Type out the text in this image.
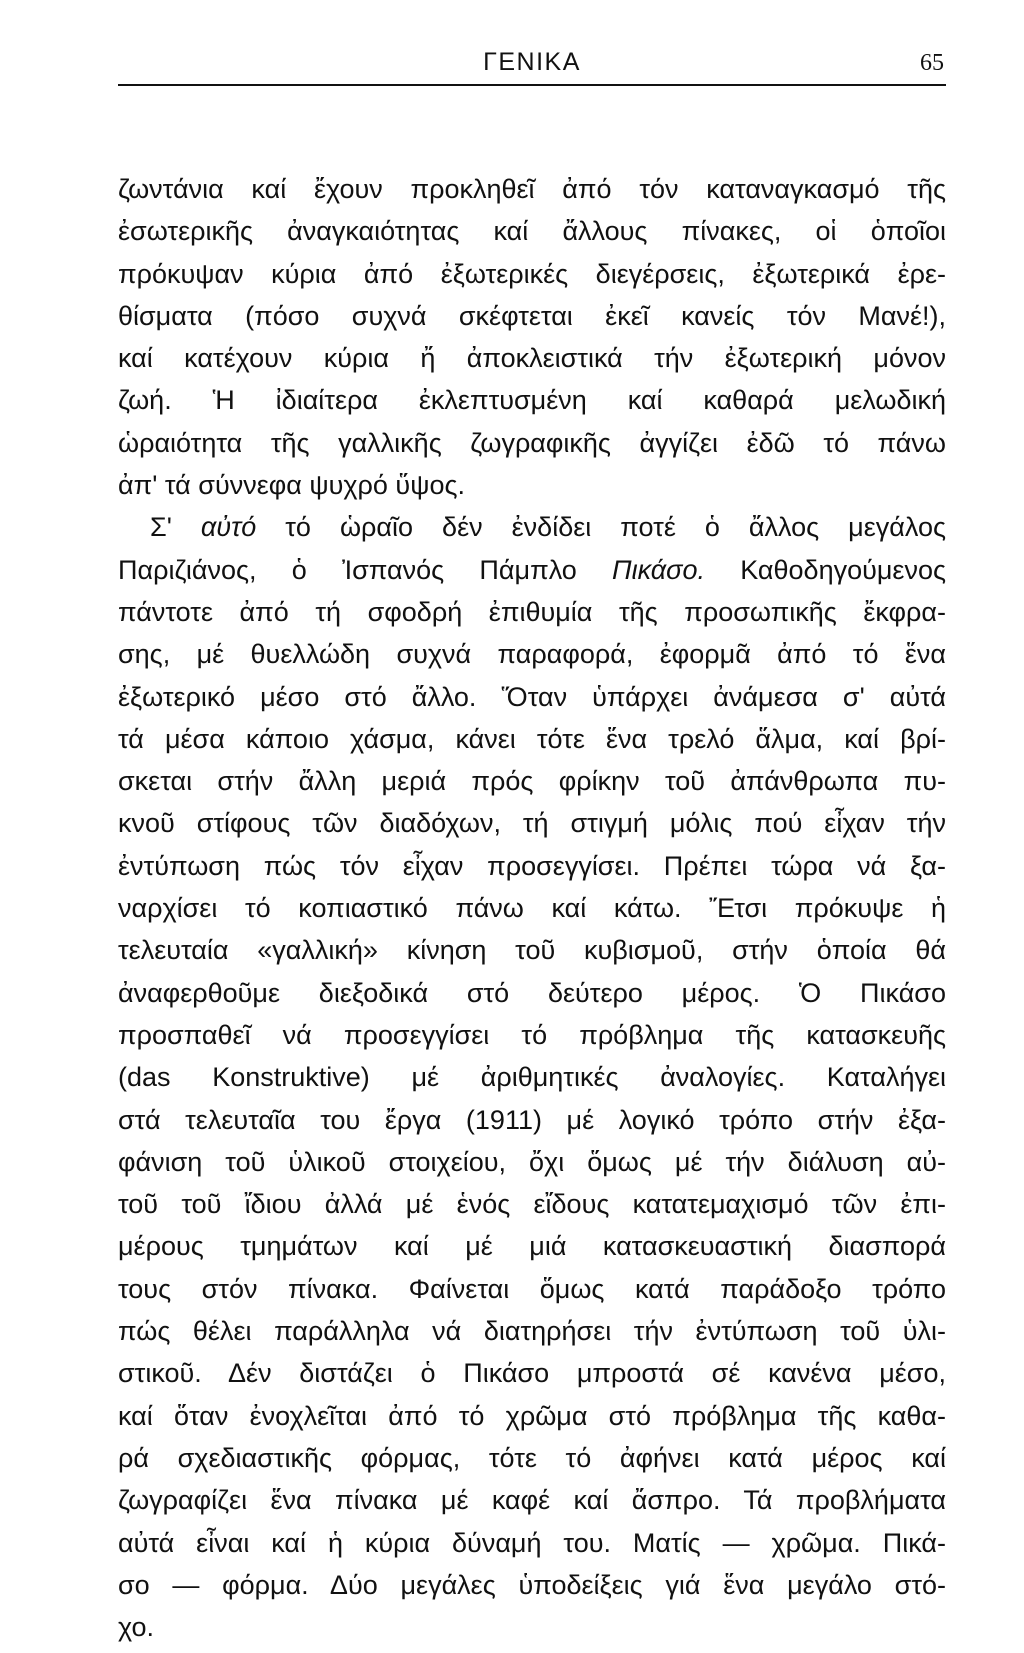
ΓΕΝΙΚΑ	65
ζωντάνια καί ἔχουν προκληθεῖ ἀπό τόν καταναγκασμό τῆς
ἐσωτερικῆς ἀναγκαιότητας καί ἄλλους πίνακες, οἱ ὁποῖοι
πρόκυψαν κύρια ἀπό ἐξωτερικές διεγέρσεις, ἐξωτερικά ἐρε-
θίσματα (πόσο συχνά σκέφτεται ἐκεῖ κανείς τόν Μανέ!),
καί κατέχουν κύρια ἤ ἀποκλειστικά τήν ἐξωτερική μόνον
ζωή. Ἡ ἰδιαίτερα ἐκλεπτυσμένη καί καθαρά μελωδική
ὡραιότητα τῆς γαλλικῆς ζωγραφικῆς ἀγγίζει ἐδῶ τό πάνω
ἀπ' τά σύννεφα ψυχρό ὕψος.
Σ' αὐτό τό ὡραῖο δέν ἐνδίδει ποτέ ὁ ἄλλος μεγάλος
Παριζιάνος, ὁ Ἰσπανός Πάμπλο Πικάσο. Καθοδηγούμενος
πάντοτε ἀπό τή σφοδρή ἐπιθυμία τῆς προσωπικῆς ἔκφρα-
σης, μέ θυελλώδη συχνά παραφορά, ἐφορμᾶ ἀπό τό ἕνα
ἐξωτερικό μέσο στό ἄλλο. Ὅταν ὑπάρχει ἀνάμεσα σ' αὐτά
τά μέσα κάποιο χάσμα, κάνει τότε ἕνα τρελό ἅλμα, καί βρί-
σκεται στήν ἄλλη μεριά πρός φρίκην τοῦ ἀπάνθρωπα πυ-
κνοῦ στίφους τῶν διαδόχων, τή στιγμή μόλις πού εἶχαν τήν
ἐντύπωση πώς τόν εἶχαν προσεγγίσει. Πρέπει τώρα νά ξα-
ναρχίσει τό κοπιαστικό πάνω καί κάτω. Ἔτσι πρόκυψε ἡ
τελευταία «γαλλική» κίνηση τοῦ κυβισμοῦ, στήν ὁποία θά
ἀναφερθοῦμε διεξοδικά στό δεύτερο μέρος. Ὁ Πικάσο
προσπαθεῖ νά προσεγγίσει τό πρόβλημα τῆς κατασκευῆς
(das Konstruktive) μέ ἀριθμητικές ἀναλογίες. Καταλήγει
στά τελευταῖα του ἔργα (1911) μέ λογικό τρόπο στήν ἐξα-
φάνιση τοῦ ὑλικοῦ στοιχείου, ὄχι ὅμως μέ τήν διάλυση αὐ-
τοῦ τοῦ ἴδιου ἀλλά μέ ἑνός εἴδους κατατεμαχισμό τῶν ἐπι-
μέρους τμημάτων καί μέ μιά κατασκευαστική διασπορά
τους στόν πίνακα. Φαίνεται ὅμως κατά παράδοξο τρόπο
πώς θέλει παράλληλα νά διατηρήσει τήν ἐντύπωση τοῦ ὑλι-
στικοῦ. Δέν διστάζει ὁ Πικάσο μπροστά σέ κανένα μέσο,
καί ὅταν ἐνοχλεῖται ἀπό τό χρῶμα στό πρόβλημα τῆς καθα-
ρά σχεδιαστικῆς φόρμας, τότε τό ἀφήνει κατά μέρος καί
ζωγραφίζει ἕνα πίνακα μέ καφέ καί ἄσπρο. Τά προβλήματα
αὐτά εἶναι καί ἡ κύρια δύναμή του. Ματίς — χρῶμα. Πικά-
σο — φόρμα. Δύο μεγάλες ὑποδείξεις γιά ἕνα μεγάλο στό-
χο.
